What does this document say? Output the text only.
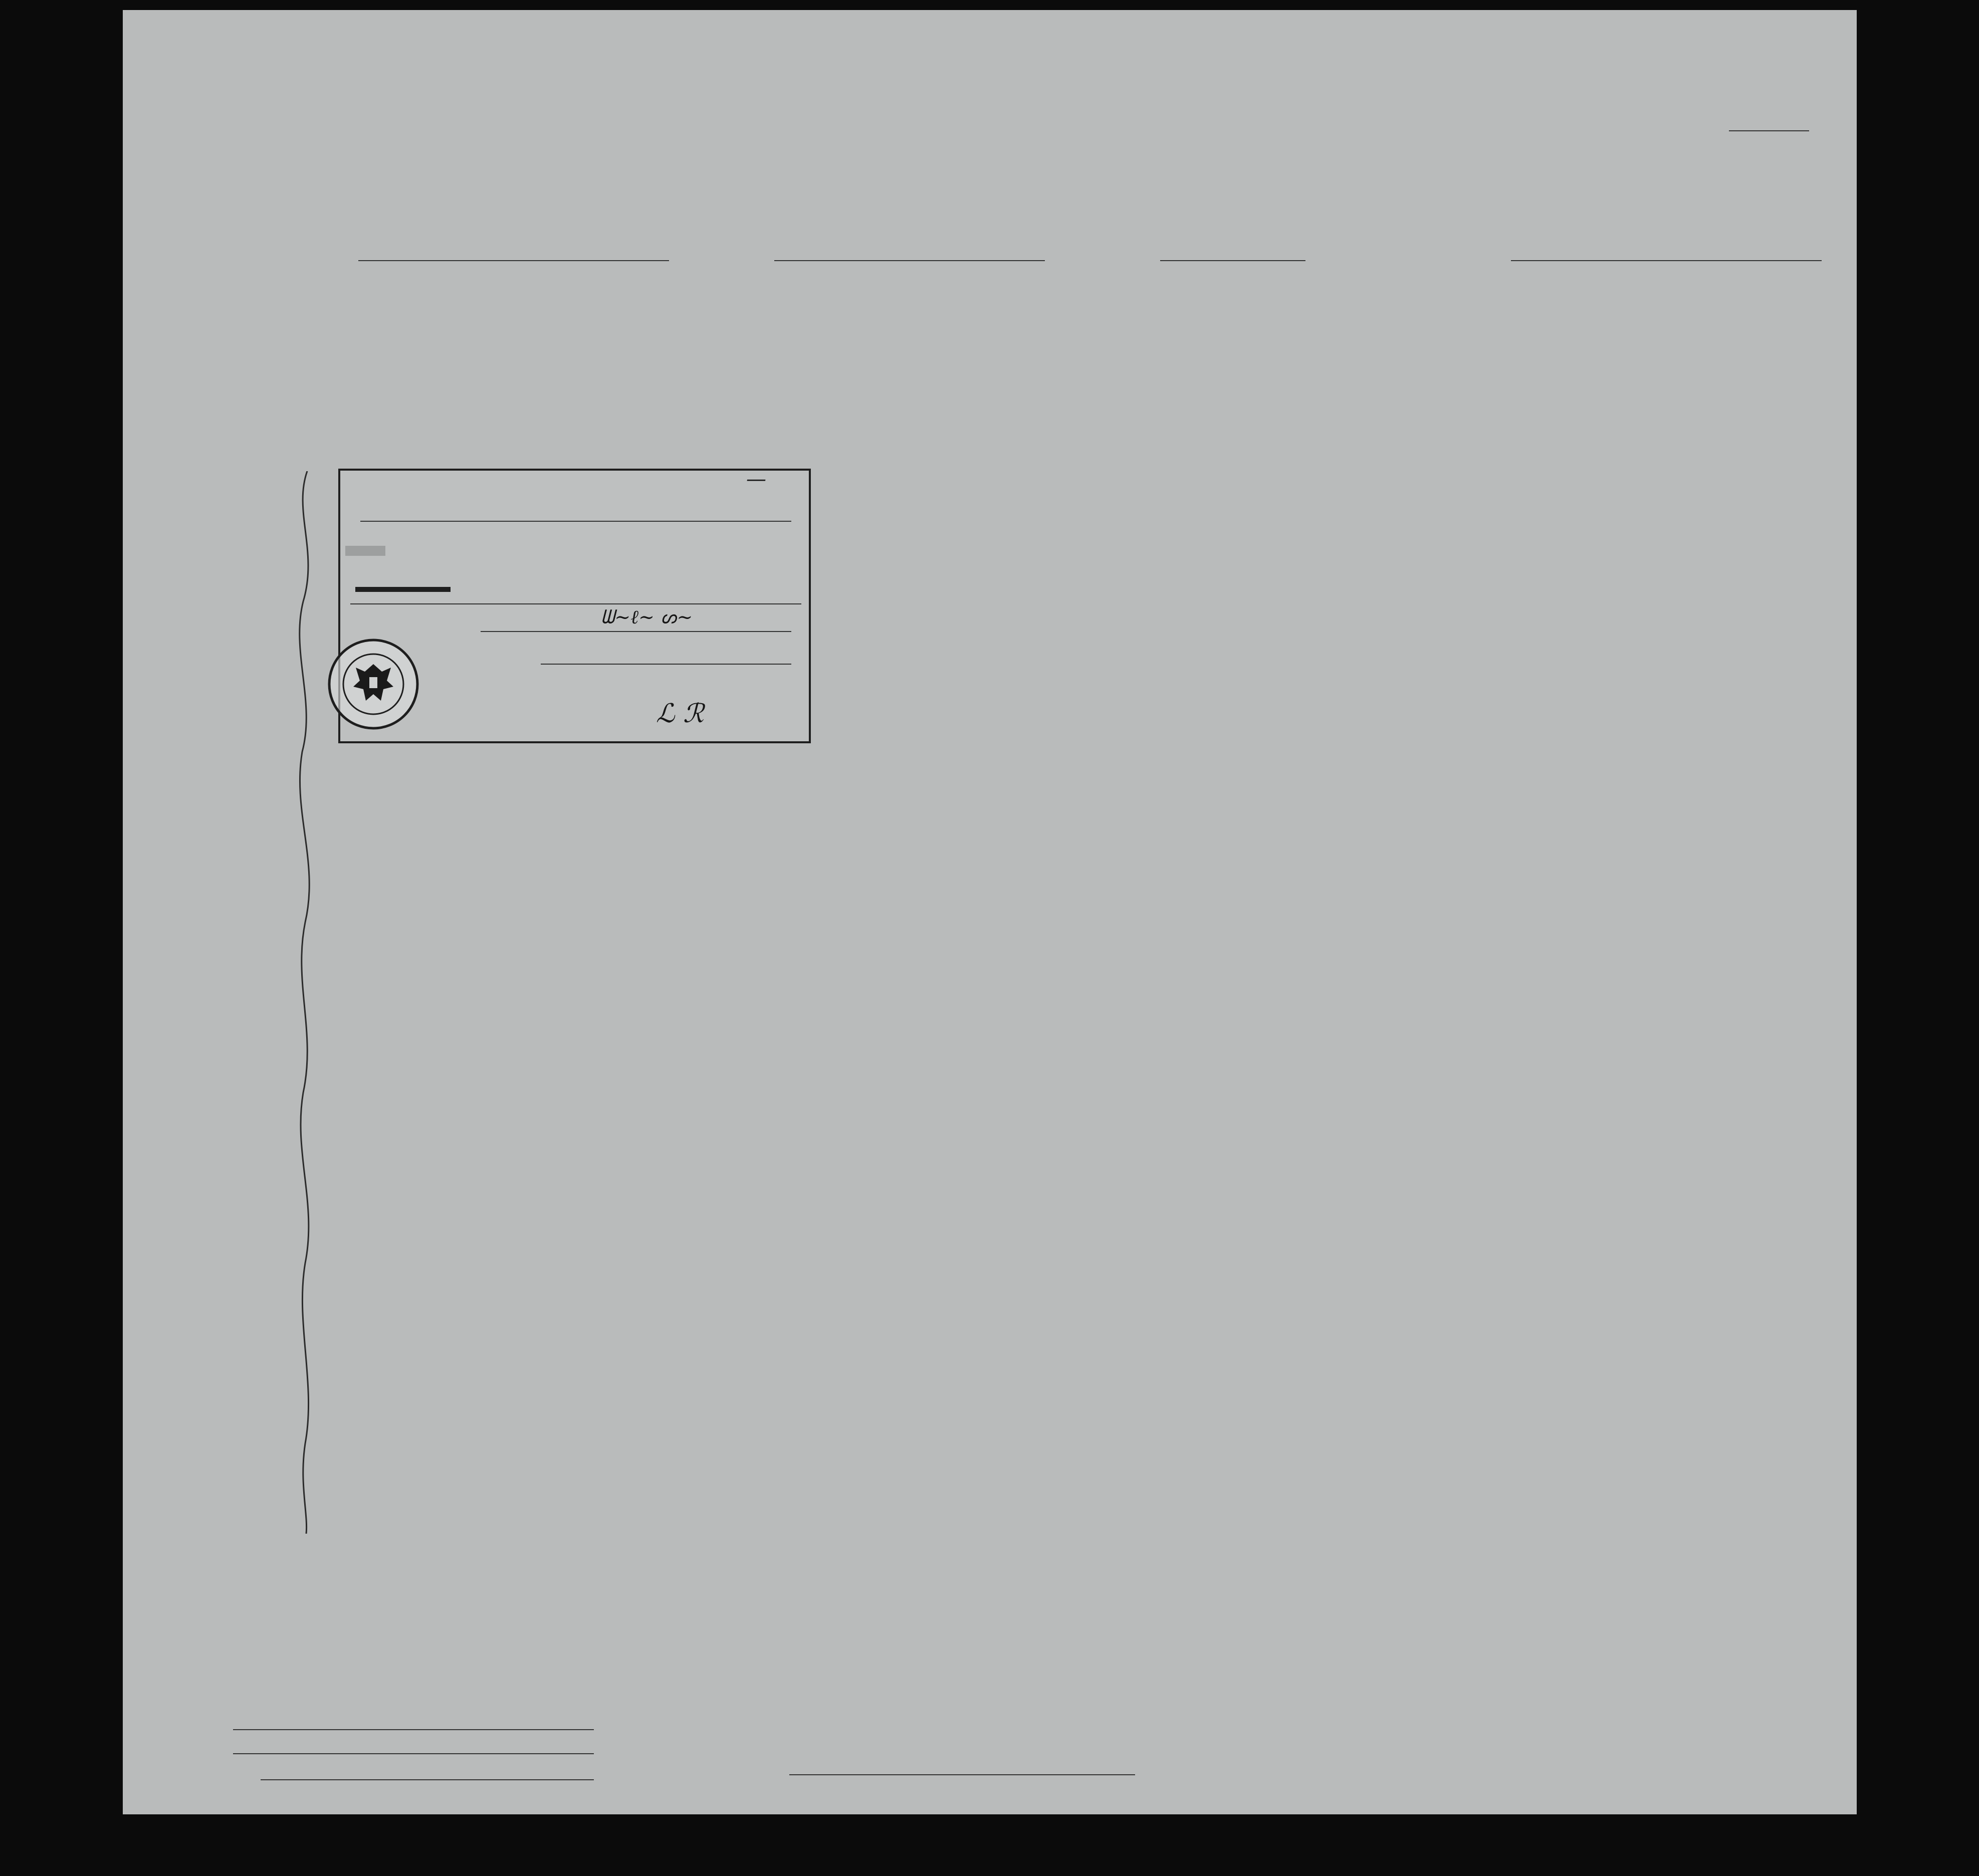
—
ᗯ~ℓ~ ᔕ~
ℒ ℛ
